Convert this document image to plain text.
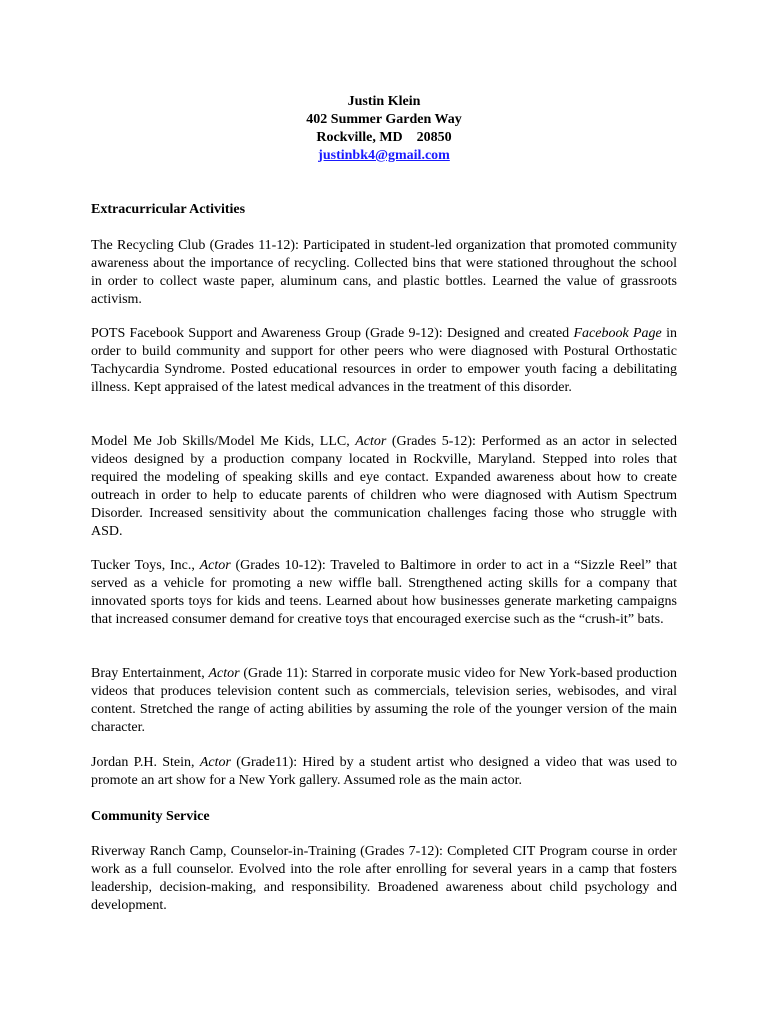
Justin Klein
402 Summer Garden Way
Rockville, MD    20850
justinbk4@gmail.com
Extracurricular Activities
The Recycling Club (Grades 11-12): Participated in student-led organization that promoted community awareness about the importance of recycling. Collected bins that were stationed throughout the school in order to collect waste paper, aluminum cans, and plastic bottles. Learned the value of grassroots activism.
POTS Facebook Support and Awareness Group (Grade 9-12): Designed and created Facebook Page in order to build community and support for other peers who were diagnosed with Postural Orthostatic Tachycardia Syndrome. Posted educational resources in order to empower youth facing a debilitating illness. Kept appraised of the latest medical advances in the treatment of this disorder.
Model Me Job Skills/Model Me Kids, LLC, Actor (Grades 5-12): Performed as an actor in selected videos designed by a production company located in Rockville, Maryland. Stepped into roles that required the modeling of speaking skills and eye contact. Expanded awareness about how to create outreach in order to help to educate parents of children who were diagnosed with Autism Spectrum Disorder. Increased sensitivity about the communication challenges facing those who struggle with ASD.
Tucker Toys, Inc., Actor (Grades 10-12): Traveled to Baltimore in order to act in a “Sizzle Reel” that served as a vehicle for promoting a new wiffle ball. Strengthened acting skills for a company that innovated sports toys for kids and teens. Learned about how businesses generate marketing campaigns that increased consumer demand for creative toys that encouraged exercise such as the “crush-it” bats.
Bray Entertainment, Actor (Grade 11): Starred in corporate music video for New York-based production videos that produces television content such as commercials, television series, webisodes, and viral content. Stretched the range of acting abilities by assuming the role of the younger version of the main character.
Jordan P.H. Stein, Actor (Grade11): Hired by a student artist who designed a video that was used to promote an art show for a New York gallery. Assumed role as the main actor.
Community Service
Riverway Ranch Camp, Counselor-in-Training (Grades 7-12): Completed CIT Program course in order work as a full counselor. Evolved into the role after enrolling for several years in a camp that fosters leadership, decision-making, and responsibility. Broadened awareness about child psychology and development.
